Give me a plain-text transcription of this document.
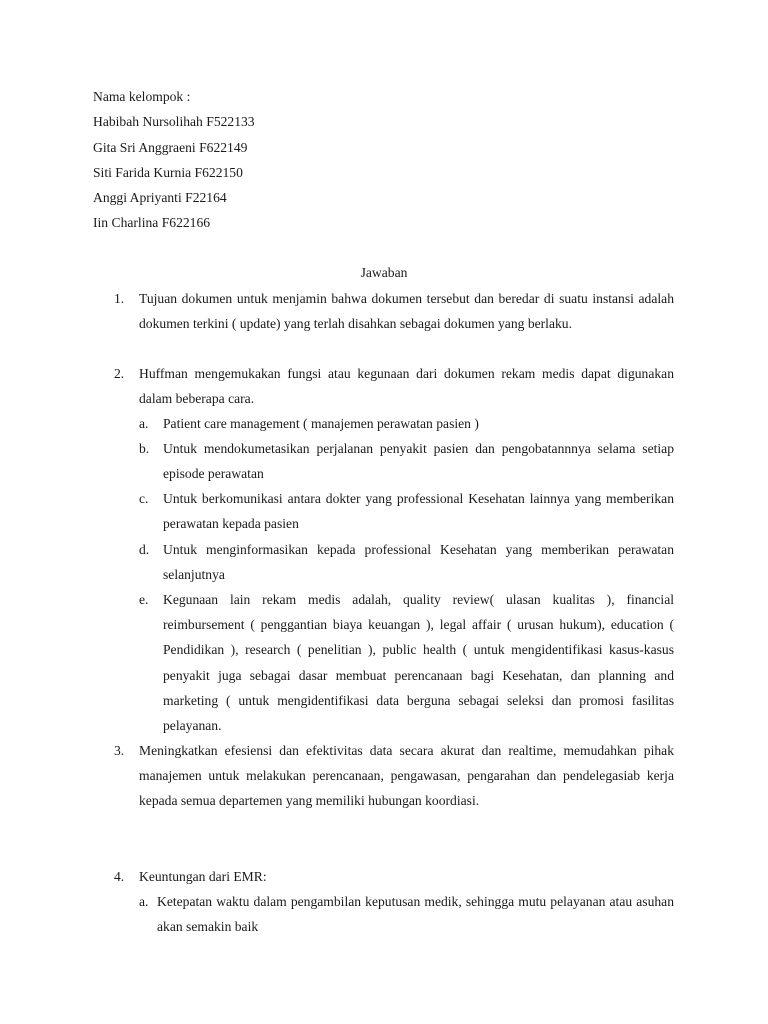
Nama kelompok :
Habibah Nursolihah F522133
Gita Sri Anggraeni F622149
Siti Farida Kurnia F622150
Anggi Apriyanti F22164
Iin Charlina F622166
Jawaban
1. Tujuan dokumen untuk menjamin bahwa dokumen tersebut dan beredar di suatu instansi adalah dokumen terkini ( update) yang terlah disahkan sebagai dokumen yang berlaku.
2. Huffman mengemukakan fungsi atau kegunaan dari dokumen rekam medis dapat digunakan dalam beberapa cara.
a. Patient care management ( manajemen perawatan pasien )
b. Untuk mendokumetasikan perjalanan penyakit pasien dan pengobatannnya selama setiap episode perawatan
c. Untuk berkomunikasi antara dokter yang professional Kesehatan lainnya yang memberikan perawatan kepada pasien
d. Untuk menginformasikan kepada professional Kesehatan yang memberikan perawatan selanjutnya
e. Kegunaan lain rekam medis adalah, quality review( ulasan kualitas ), financial reimbursement ( penggantian biaya keuangan ), legal affair ( urusan hukum), education ( Pendidikan ), research ( penelitian ), public health ( untuk mengidentifikasi kasus-kasus penyakit juga sebagai dasar membuat perencanaan bagi Kesehatan, dan planning and marketing ( untuk mengidentifikasi data berguna sebagai seleksi dan promosi fasilitas pelayanan.
3. Meningkatkan efesiensi dan efektivitas data secara akurat dan realtime, memudahkan pihak manajemen untuk melakukan perencanaan, pengawasan, pengarahan dan pendelegasiab kerja kepada semua departemen yang memiliki hubungan koordiasi.
4. Keuntungan dari EMR:
a. Ketepatan waktu dalam pengambilan keputusan medik, sehingga mutu pelayanan atau asuhan akan semakin baik
